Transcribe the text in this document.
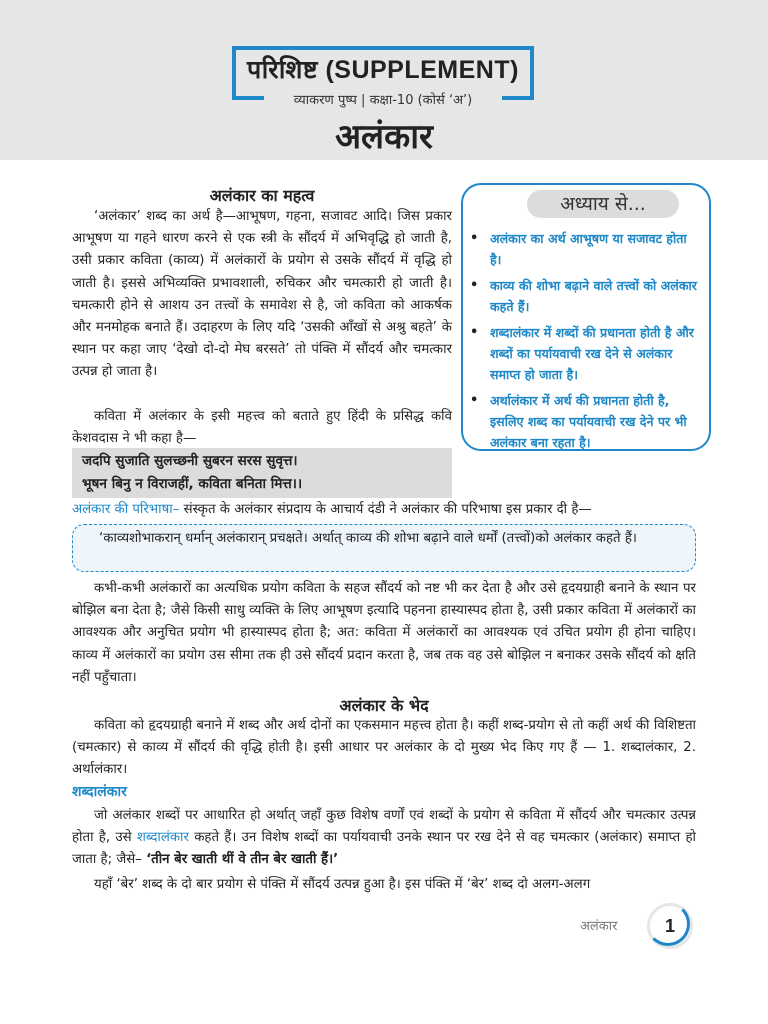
परिशिष्ट (SUPPLEMENT)
व्याकरण पुष्प | कक्षा-10 (कोर्स ‘अ’)
अलंकार
अध्याय से...
• अलंकार का अर्थ आभूषण या सजावट होता है।
• काव्य की शोभा बढ़ाने वाले तत्त्वों को अलंकार कहते हैं।
• शब्दालंकार में शब्दों की प्रधानता होती है और शब्दों का पर्यायवाची रख देने से अलंकार समाप्त हो जाता है।
• अर्थालंकार में अर्थ की प्रधानता होती है, इसलिए शब्द का पर्यायवाची रख देने पर भी अलंकार बना रहता है।
अलंकार का महत्व
‘अलंकार’ शब्द का अर्थ है—आभूषण, गहना, सजावट आदि। जिस प्रकार आभूषण या गहने धारण करने से एक स्त्री के सौंदर्य में अभिवृद्धि हो जाती है, उसी प्रकार कविता (काव्य) में अलंकारों के प्रयोग से उसके सौंदर्य में वृद्धि हो जाती है। इससे अभिव्यक्ति प्रभावशाली, रुचिकर और चमत्कारी हो जाती है। चमत्कारी होने से आशय उन तत्त्वों के समावेश से है, जो कविता को आकर्षक और मनमोहक बनाते हैं। उदाहरण के लिए यदि ‘उसकी आँखों से अश्रु बहते’ के स्थान पर कहा जाए ‘देखो दो-दो मेघ बरसते’ तो पंक्ति में सौंदर्य और चमत्कार उत्पन्न हो जाता है।
कविता में अलंकार के इसी महत्त्व को बताते हुए हिंदी के प्रसिद्ध कवि केशवदास ने भी कहा है—
जदपि सुजाति सुलच्छनी सुबरन सरस सुवृत्त।
भूषन बिनु न विराजहीं, कविता बनिता मित्त।।
अलंकार की परिभाषा– संस्कृत के अलंकार संप्रदाय के आचार्य दंडी ने अलंकार की परिभाषा इस प्रकार दी है—
‘काव्यशोभाकरान् धर्मान् अलंकारान् प्रचक्षते। अर्थात् काव्य की शोभा बढ़ाने वाले धर्मों (तत्त्वों)को अलंकार कहते हैं।
कभी-कभी अलंकारों का अत्यधिक प्रयोग कविता के सहज सौंदर्य को नष्ट भी कर देता है और उसे हृदयग्राही बनाने के स्थान पर बोझिल बना देता है; जैसे किसी साधु व्यक्ति के लिए आभूषण इत्यादि पहनना हास्यास्पद होता है, उसी प्रकार कविता में अलंकारों का आवश्यक और अनुचित प्रयोग भी हास्यास्पद होता है; अत: कविता में अलंकारों का आवश्यक एवं उचित प्रयोग ही होना चाहिए। काव्य में अलंकारों का प्रयोग उस सीमा तक ही उसे सौंदर्य प्रदान करता है, जब तक वह उसे बोझिल न बनाकर उसके सौंदर्य को क्षति नहीं पहुँचाता।
अलंकार के भेद
कविता को हृदयग्राही बनाने में शब्द और अर्थ दोनों का एकसमान महत्त्व होता है। कहीं शब्द-प्रयोग से तो कहीं अर्थ की विशिष्टता (चमत्कार) से काव्य में सौंदर्य की वृद्धि होती है। इसी आधार पर अलंकार के दो मुख्य भेद किए गए हैं — 1. शब्दालंकार, 2. अर्थालंकार।
शब्दालंकार
जो अलंकार शब्दों पर आधारित हो अर्थात् जहाँ कुछ विशेष वर्णों एवं शब्दों के प्रयोग से कविता में सौंदर्य और चमत्कार उत्पन्न होता है, उसे शब्दालंकार कहते हैं। उन विशेष शब्दों का पर्यायवाची उनके स्थान पर रख देने से वह चमत्कार (अलंकार) समाप्त हो जाता है; जैसे– ‘तीन बेर खाती थीं वे तीन बेर खाती हैं।’
यहाँ ‘बेर’ शब्द के दो बार प्रयोग से पंक्ति में सौंदर्य उत्पन्न हुआ है। इस पंक्ति में ‘बेर’ शब्द दो अलग-अलग
अलंकार	1
